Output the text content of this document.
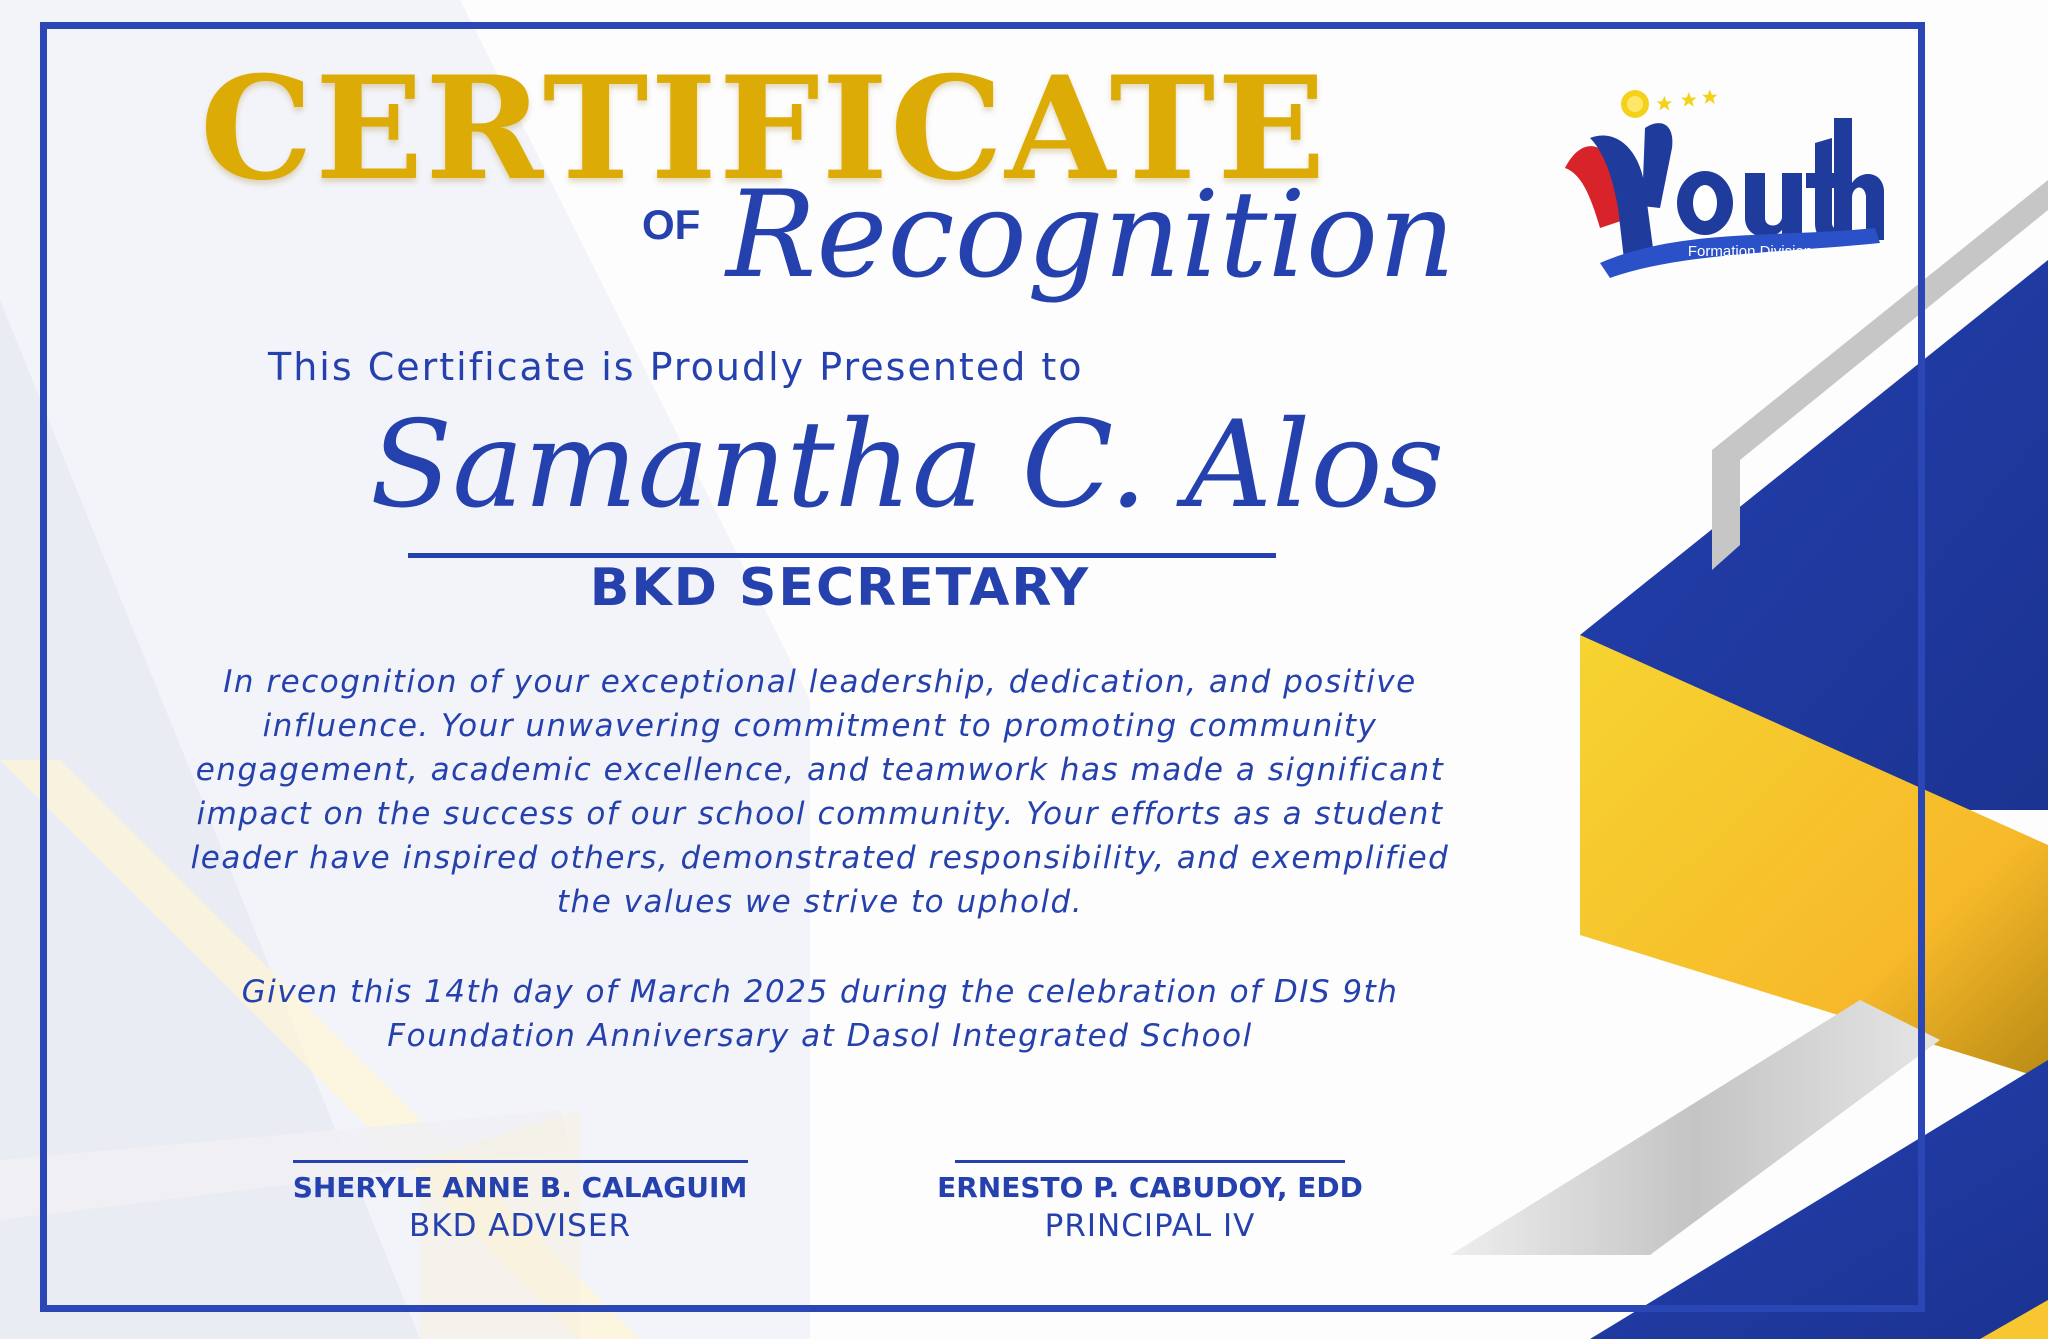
Formation Division
CERTIFICATE
OF Recognition
This Certificate is Proudly Presented to
Samantha C. Alos
BKD SECRETARY
In recognition of your exceptional leadership, dedication, and positive
influence. Your unwavering commitment to promoting community
engagement, academic excellence, and teamwork has made a significant
impact on the success of our school community. Your efforts as a student
leader have inspired others, demonstrated responsibility, and exemplified
the values we strive to uphold.
Given this 14th day of March 2025 during the celebration of DIS 9th
Foundation Anniversary at Dasol Integrated School
SHERYLE ANNE B. CALAGUIM
BKD ADVISER
ERNESTO P. CABUDOY, EDD
PRINCIPAL IV
